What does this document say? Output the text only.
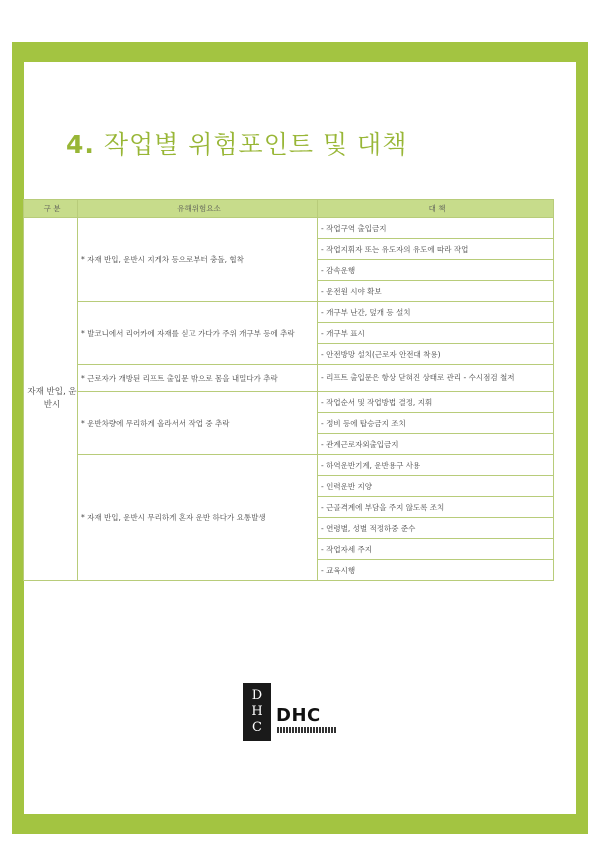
4. 작업별 위험포인트 및 대책
구 분	유해위험요소	대 책
자재 반입, 운반시	* 자재 반입, 운반시 지게차 등으로부터 충돌, 협착	- 작업구역 출입금지
		- 작업지휘자 또는 유도자의 유도에 따라 작업
		- 감속운행
		- 운전원 시야 확보
	* 발코니에서 리어카에 자재를 싣고 가다가 주위 개구부 등에 추락	- 개구부 난간, 덮개 등 설치
		- 개구부 표시
		- 안전방망 설치(근로자 안전대 착용)
	* 근로자가 개방된 리프트 출입문 밖으로 몸을 내밀다가 추락	- 리프트 출입문은 항상 닫혀진 상태로 관리 - 수시점검 철저
	* 운반차량에 무리하게 올라서서 작업 중 추락	- 작업순서 및 작업방법 결정, 지휘
		- 정비 등에 탑승금지 조치
		- 관계근로자외출입금지
	* 자재 반입, 운반시 무리하게 혼자 운반 하다가 요통발생	- 하역운반기계, 운반용구 사용
		- 인력운반 지양
		- 근골격계에 부담을 주지 않도록 조치
		- 연령별, 성별 적정하중 준수
		- 작업자세 주지
		- 교육시행
D
H
C
DHC
